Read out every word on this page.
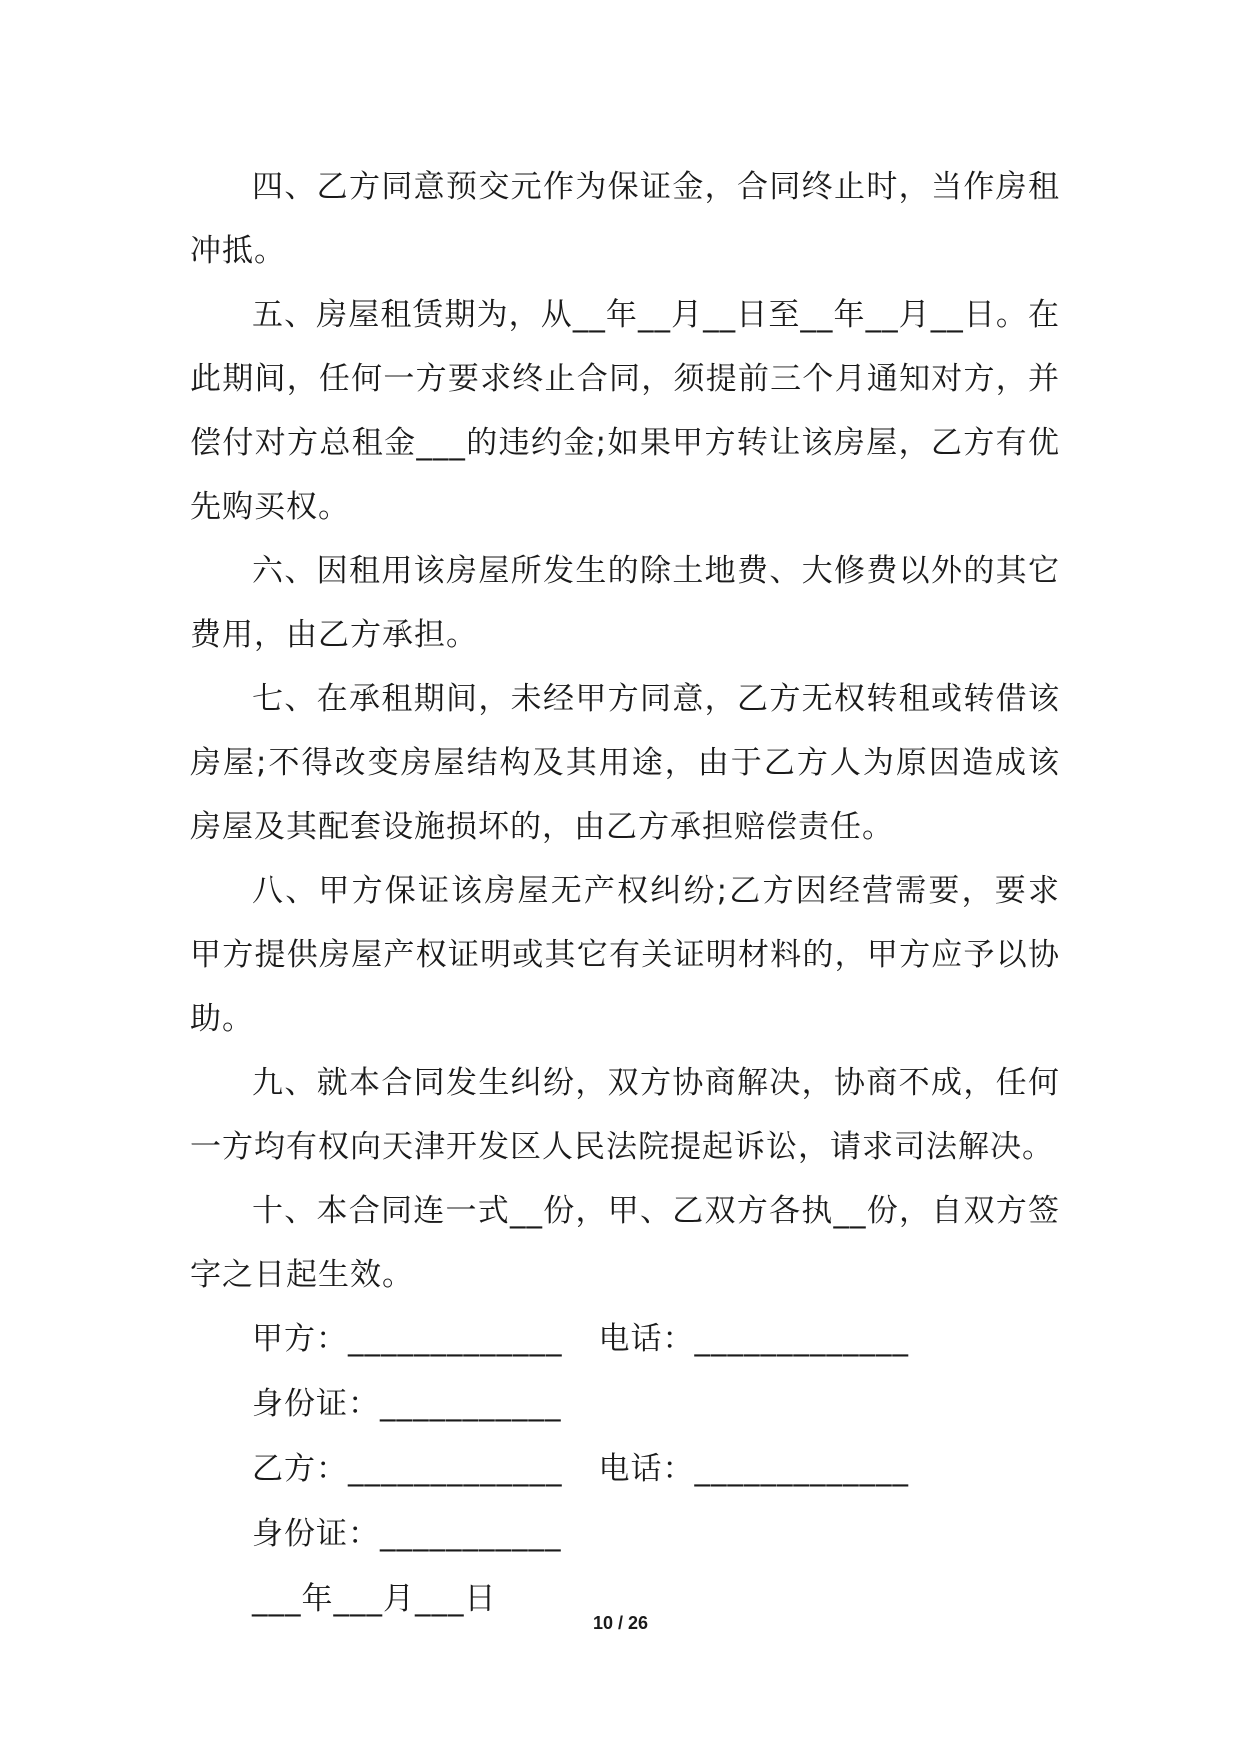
四、乙方同意预交元作为保证金，合同终止时，当作房租冲抵。

五、房屋租赁期为，从__年__月__日至__年__月__日。在此期间，任何一方要求终止合同，须提前三个月通知对方，并偿付对方总租金___的违约金;如果甲方转让该房屋，乙方有优先购买权。

六、因租用该房屋所发生的除土地费、大修费以外的其它费用，由乙方承担。

七、在承租期间，未经甲方同意，乙方无权转租或转借该房屋;不得改变房屋结构及其用途，由于乙方人为原因造成该房屋及其配套设施损坏的，由乙方承担赔偿责任。

八、甲方保证该房屋无产权纠纷;乙方因经营需要，要求甲方提供房屋产权证明或其它有关证明材料的，甲方应予以协助。

九、就本合同发生纠纷，双方协商解决，协商不成，任何一方均有权向天津开发区人民法院提起诉讼，请求司法解决。

十、本合同连一式__份，甲、乙双方各执__份，自双方签字之日起生效。

甲方：_____________ 电话：_____________

身份证：___________

乙方：_____________ 电话：_____________

身份证：___________

___年___月___日

10 / 26
